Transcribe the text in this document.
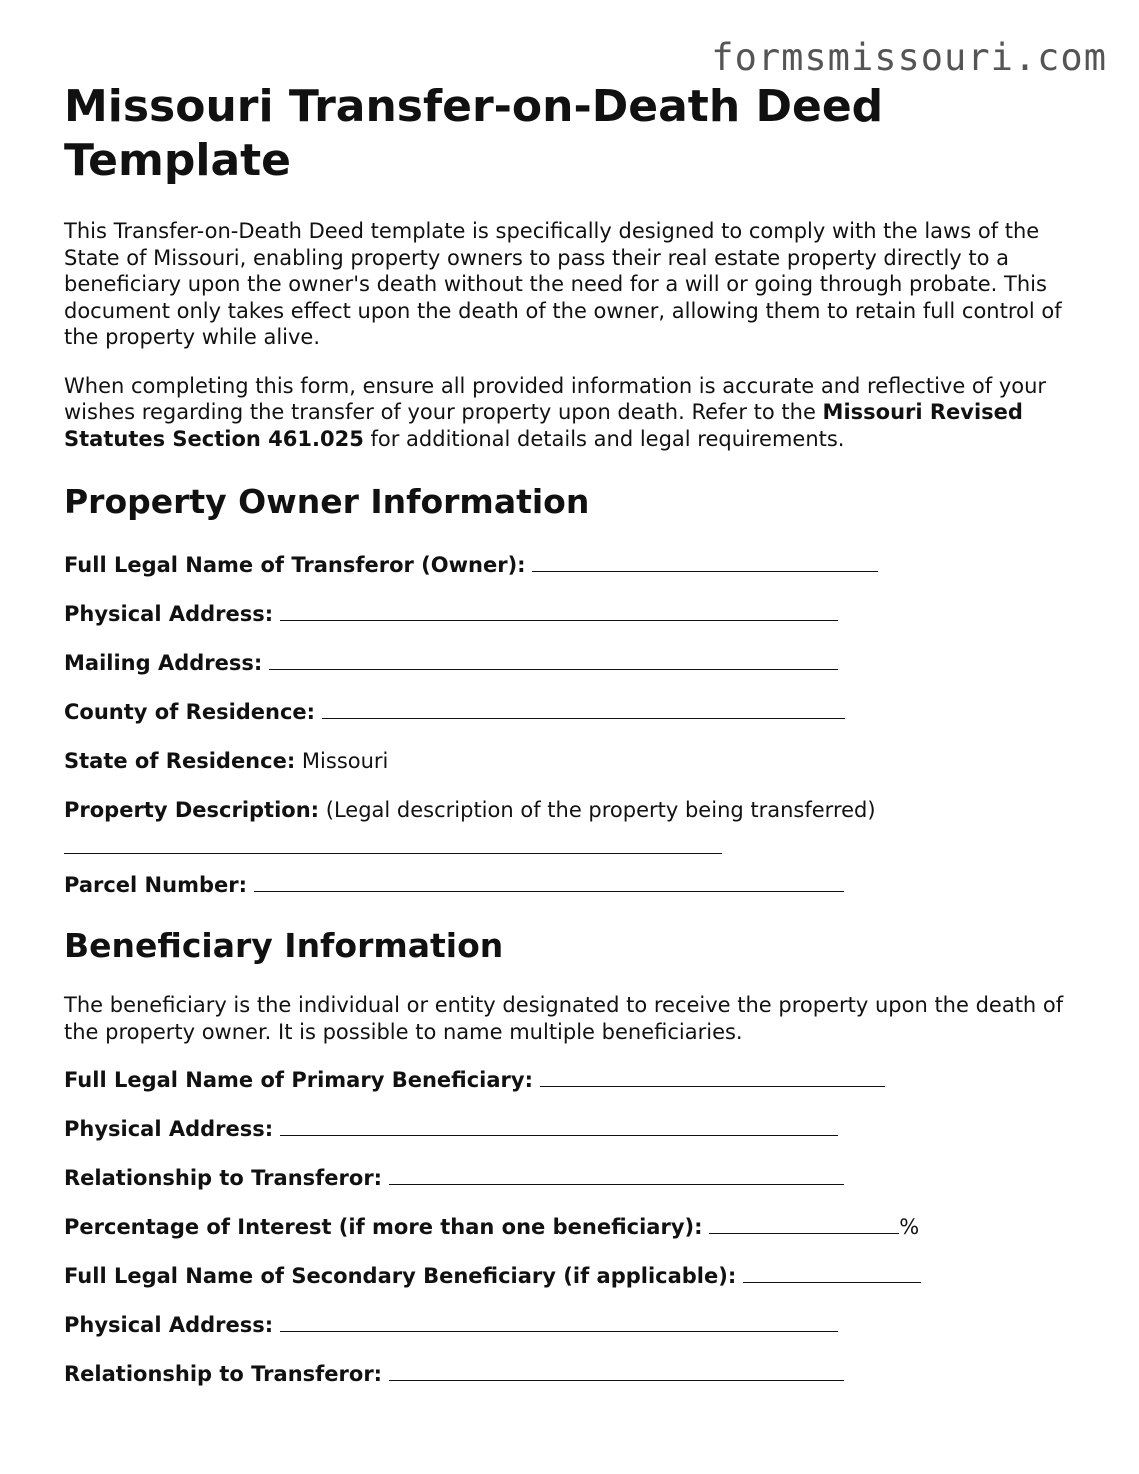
formsmissouri.com
Missouri Transfer-on-Death Deed Template

This Transfer-on-Death Deed template is specifically designed to comply with the laws of the State of Missouri, enabling property owners to pass their real estate property directly to a beneficiary upon the owner's death without the need for a will or going through probate. This document only takes effect upon the death of the owner, allowing them to retain full control of the property while alive.

When completing this form, ensure all provided information is accurate and reflective of your wishes regarding the transfer of your property upon death. Refer to the Missouri Revised Statutes Section 461.025 for additional details and legal requirements.

Property Owner Information
Full Legal Name of Transferor (Owner):
Physical Address:
Mailing Address:
County of Residence:
State of Residence: Missouri
Property Description: (Legal description of the property being transferred)
Parcel Number:
Beneficiary Information

The beneficiary is the individual or entity designated to receive the property upon the death of the property owner. It is possible to name multiple beneficiaries.

Full Legal Name of Primary Beneficiary:
Physical Address:
Relationship to Transferor:
Percentage of Interest (if more than one beneficiary):	%
Full Legal Name of Secondary Beneficiary (if applicable):
Physical Address:
Relationship to Transferor:
